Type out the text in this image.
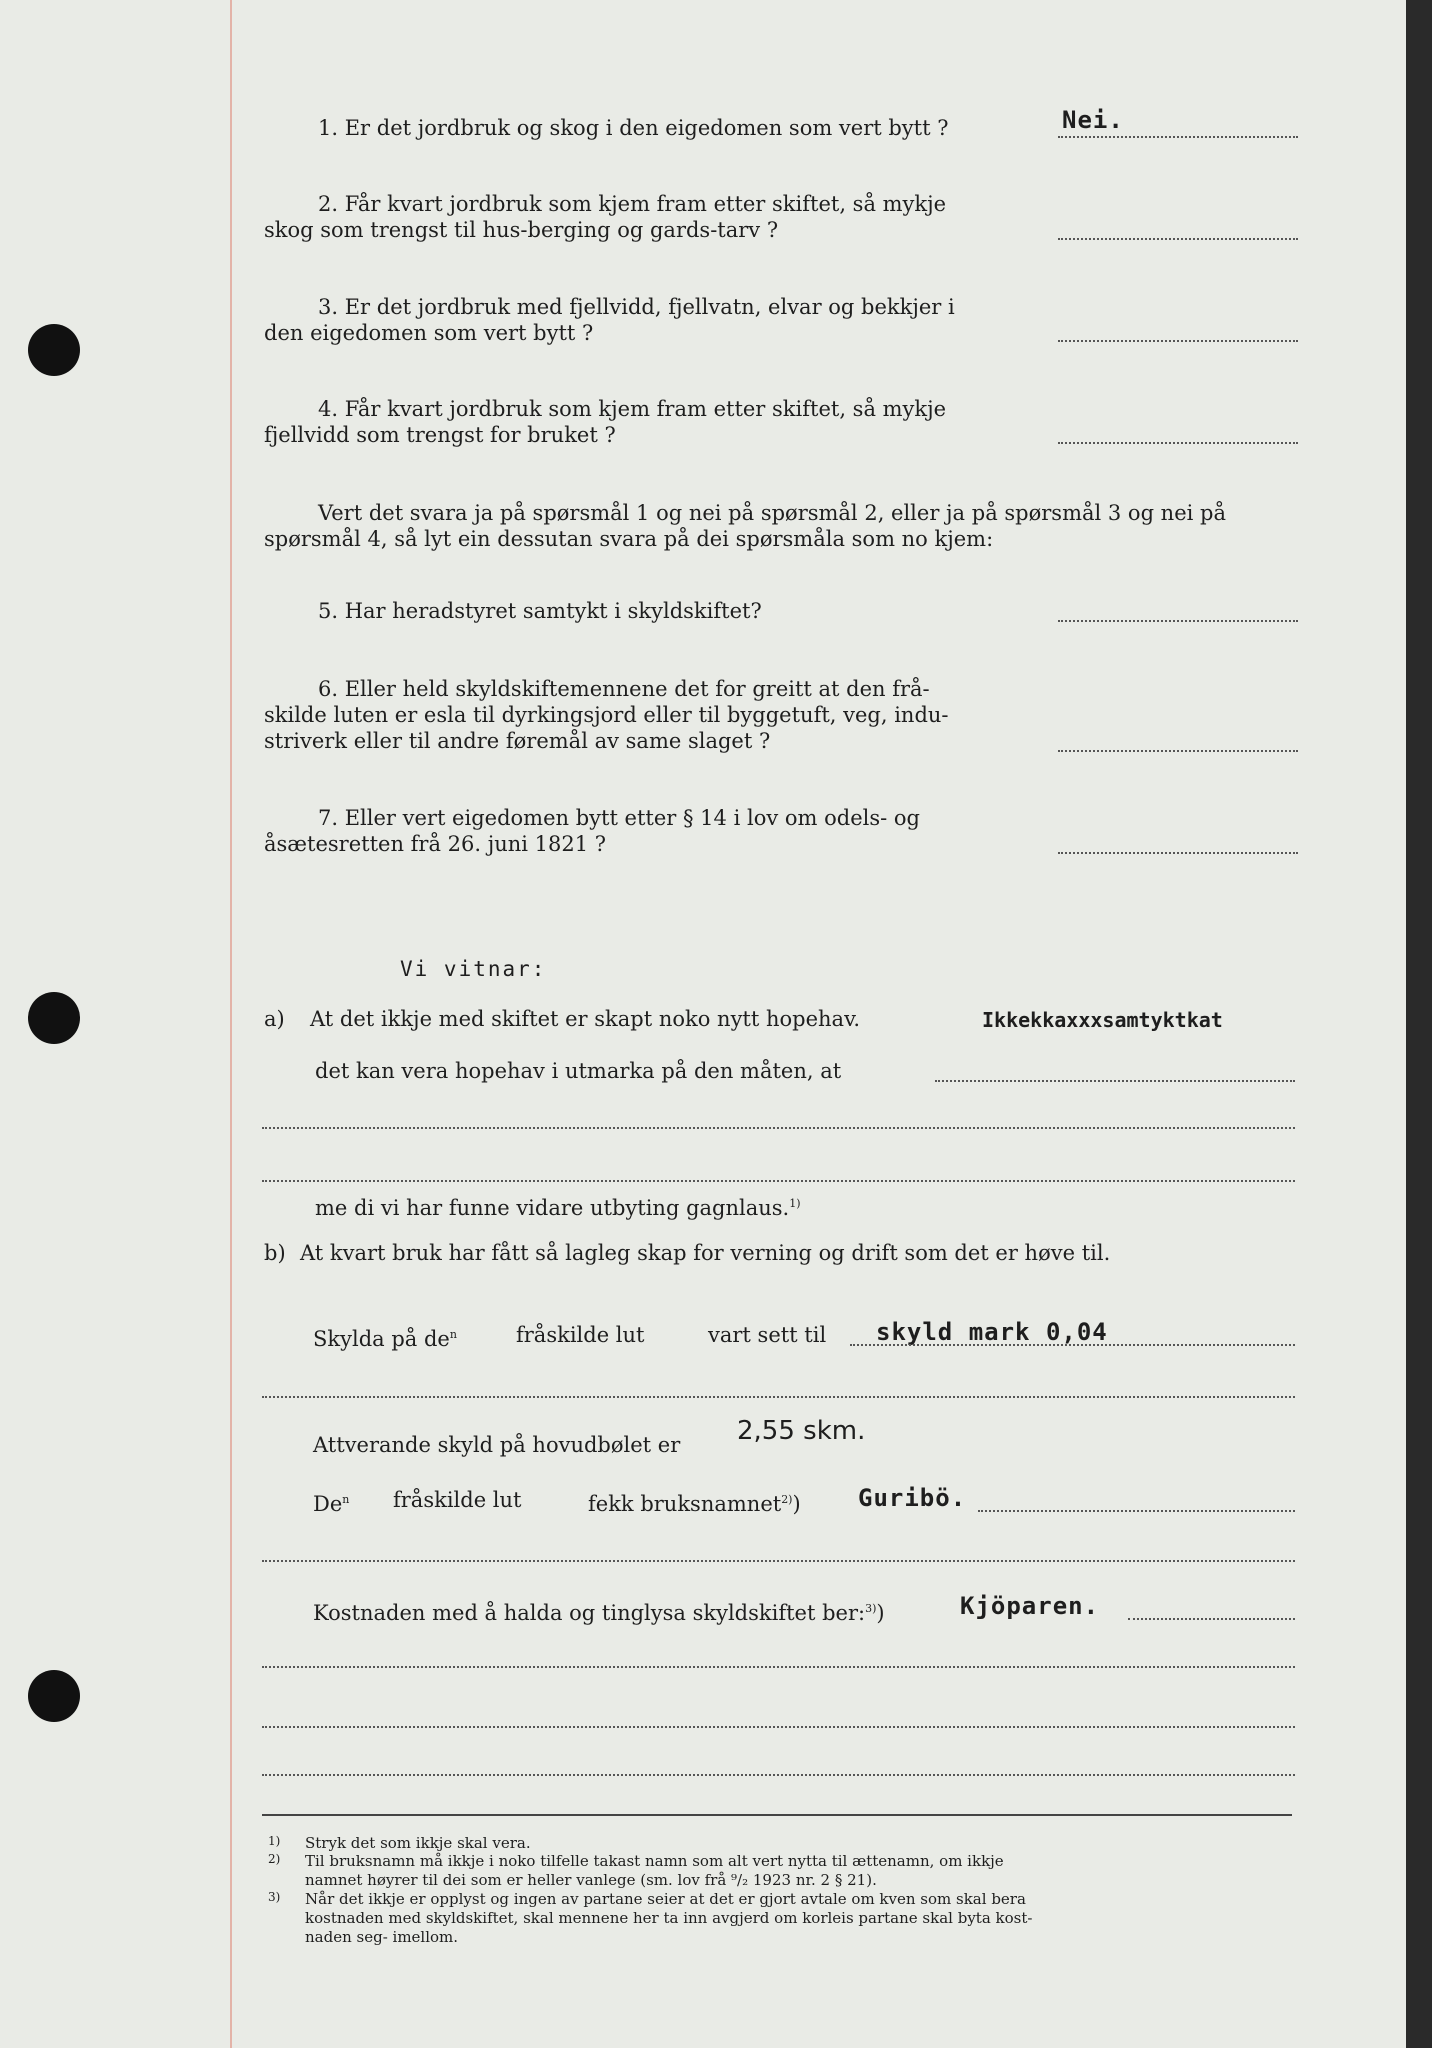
1. Er det jordbruk og skog i den eigedomen som vert bytt ?	Nei.
2. Får kvart jordbruk som kjem fram etter skiftet, så mykje
skog som trengst til hus-berging og gards-tarv ?
3. Er det jordbruk med fjellvidd, fjellvatn, elvar og bekkjer i
den eigedomen som vert bytt ?
4. Får kvart jordbruk som kjem fram etter skiftet, så mykje
fjellvidd som trengst for bruket ?
Vert det svara ja på spørsmål 1 og nei på spørsmål 2, eller ja på spørsmål 3 og nei på
spørsmål 4, så lyt ein dessutan svara på dei spørsmåla som no kjem:
5. Har heradstyret samtykt i skyldskiftet?
6. Eller held skyldskiftemennene det for greitt at den frå-
skilde luten er esla til dyrkingsjord eller til byggetuft, veg, indu-
striverk eller til andre føremål av same slaget ?
7. Eller vert eigedomen bytt etter § 14 i lov om odels- og
åsætesretten frå 26. juni 1821 ?
Vi vitnar:
a) At det ikkje med skiftet er skapt noko nytt hopehav.	Ikkekkaxxxsamtyktkat
det kan vera hopehav i utmarka på den måten, at
me di vi har funne vidare utbyting gagnlaus.$^{1)}$
b) At kvart bruk har fått så lagleg skap for verning og drift som det er høve til.
Skylda på $de^n$	fråskilde lut	vart sett til skyld mark 0,04
Attverande skyld på hovudbølet er 2,55 skm.
De$^n$ fråskilde lut	fekk bruksnamnet$^{2)}$) Guribö.
Kostnaden med å halda og tinglysa skyldskiftet ber:$^{3)}$)	Kjöparen.
1) Stryk det som ikkje skal vera.
2) Til bruksnamn må ikkje i noko tilfelle takast namn som alt vert nytta til ættenamn, om ikkje
namnet høyrer til dei som er heller vanlege (sm. lov frå ⁹/₂ 1923 nr. 2 § 21).
3) Når det ikkje er opplyst og ingen av partane seier at det er gjort avtale om kven som skal bera
kostnaden med skyldskiftet, skal mennene her ta inn avgjerd om korleis partane skal byta kost-
naden seg- imellom.
